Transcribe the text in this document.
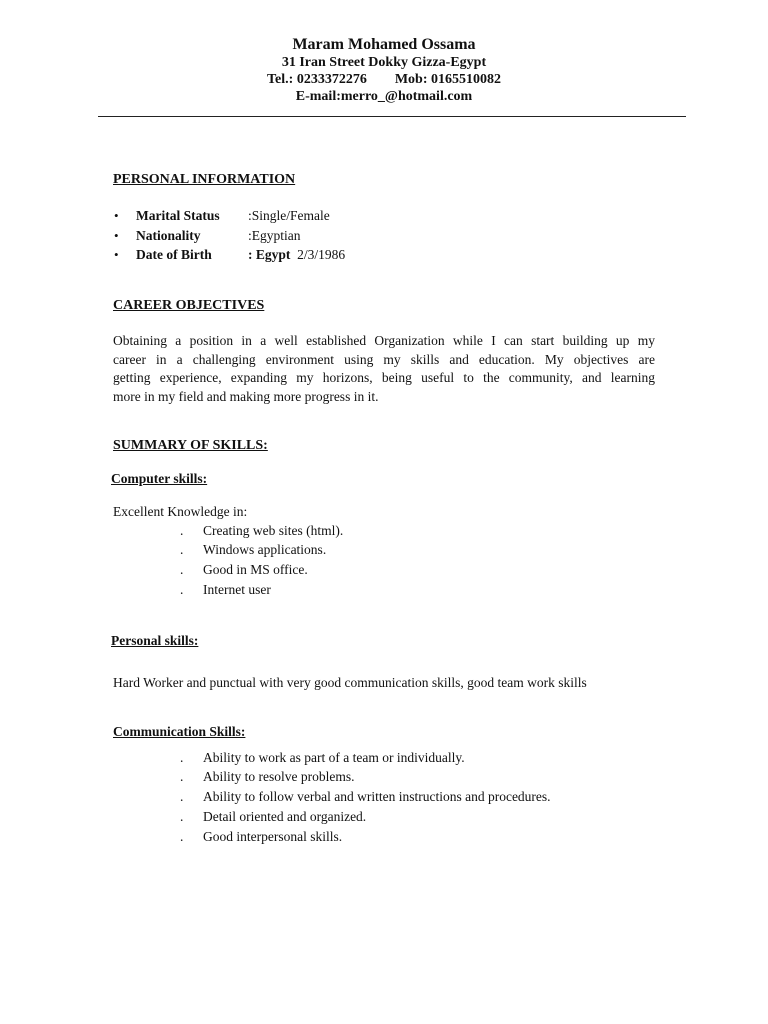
Maram Mohamed Ossama
31 Iran Street Dokky Gizza-Egypt
Tel.: 0233372276        Mob: 0165510082
E-mail:merro_@hotmail.com
PERSONAL INFORMATION
• Marital Status :Single/Female
• Nationality	:Egyptian
• Date of Birth	: Egypt 2/3/1986
CAREER OBJECTIVES
Obtaining a position in a well established Organization while I can start building up my
career in a challenging environment using my skills and education. My objectives are
getting experience, expanding my horizons, being useful to the community, and learning
more in my field and making more progress in it.
SUMMARY OF SKILLS:
Computer skills:
Excellent Knowledge in:
. Creating web sites (html).
. Windows applications.
. Good in MS office.
. Internet user
Personal skills:
Hard Worker and punctual with very good communication skills, good team work skills
Communication Skills:
. Ability to work as part of a team or individually.
. Ability to resolve problems.
. Ability to follow verbal and written instructions and procedures.
. Detail oriented and organized.
. Good interpersonal skills.
